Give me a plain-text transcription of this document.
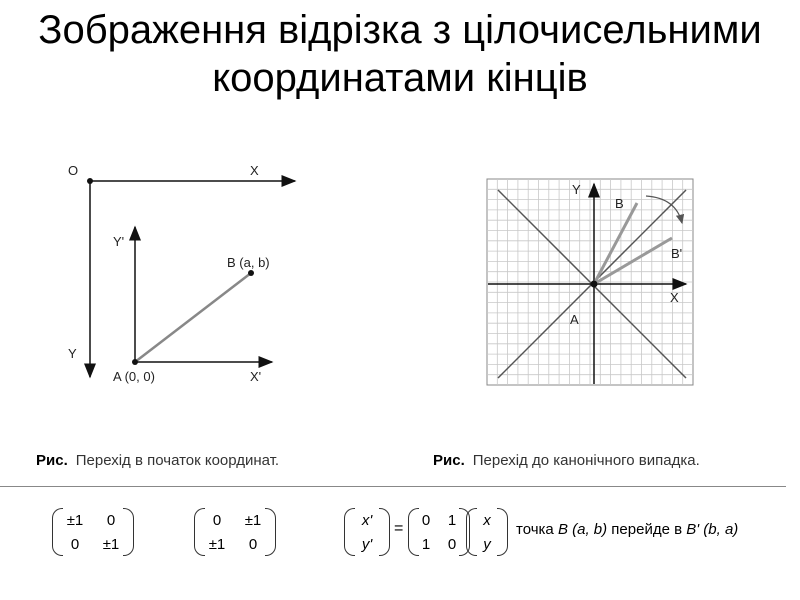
Зображення відрізка з цілочисельними координатами кінців
O	X
Y
Y'
X'
A (0, 0)
B (a, b)
Y
X
B
B'
A
Рис. Перехід в початок координат.	Рис. Перехід до канонічного випадка.
±1	0
0	±1
0	±1
±1	0
x'
y'
=	0	1
1	0
x
y
точка B (a, b) перейде в B' (b, a)
